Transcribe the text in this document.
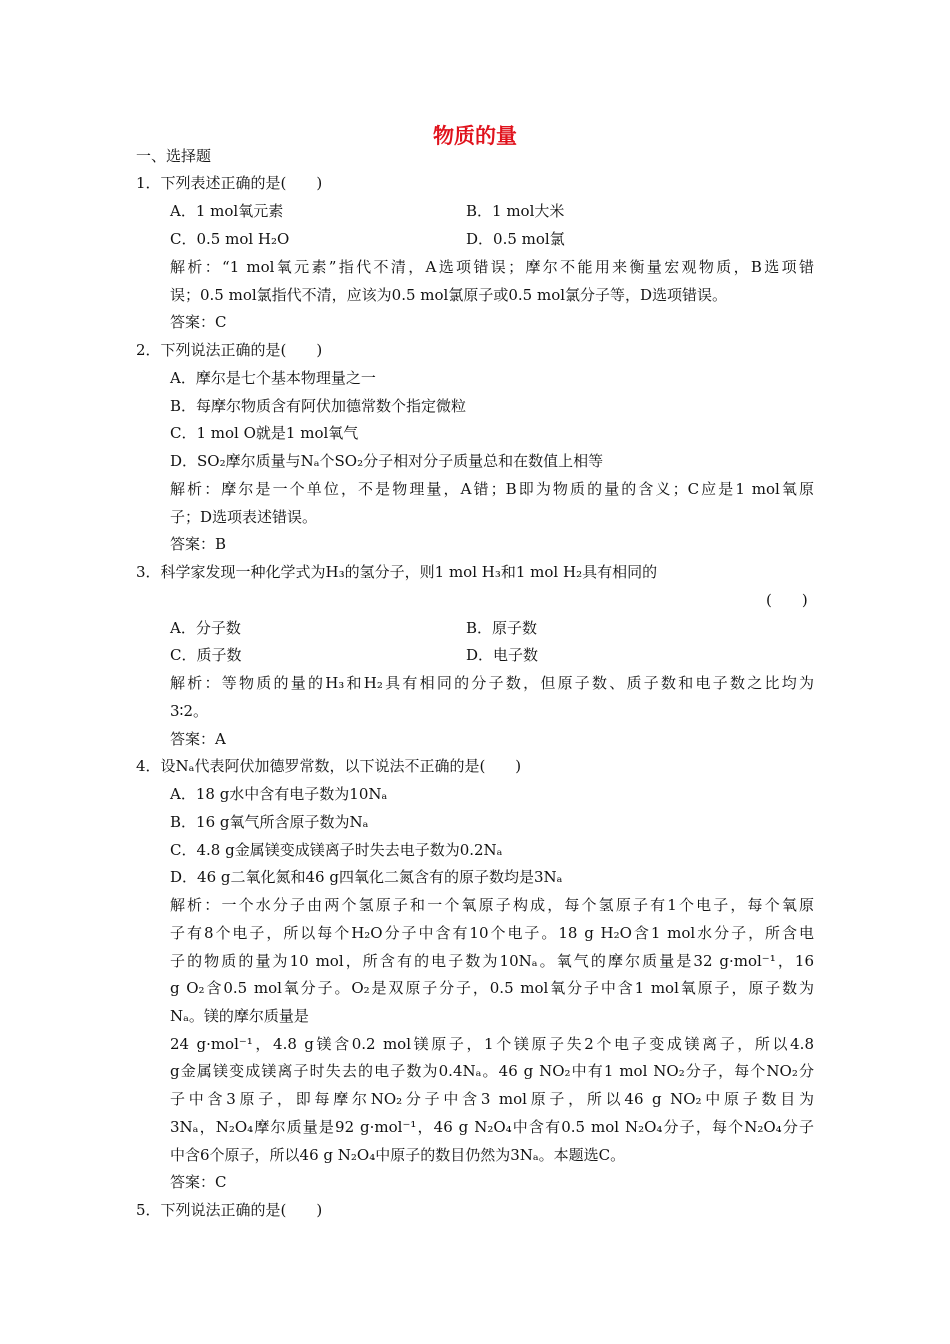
物质的量
一、选择题
1．下列表述正确的是(　　)
A．1 mol氧元素	B．1 mol大米
C．0.5 mol H₂O	D．0.5 mol氯
解析：“1 mol氧元素”指代不清，A选项错误；摩尔不能用来衡量宏观物质，B选项错
误；0.5 mol氯指代不清，应该为0.5 mol氯原子或0.5 mol氯分子等，D选项错误。
答案：C
2．下列说法正确的是(　　)
A．摩尔是七个基本物理量之一
B．每摩尔物质含有阿伏加德常数个指定微粒
C．1 mol O就是1 mol氧气
D．SO₂摩尔质量与Nₐ个SO₂分子相对分子质量总和在数值上相等
解析：摩尔是一个单位，不是物理量，A错；B即为物质的量的含义；C应是1 mol氧原
子；D选项表述错误。
答案：B
3．科学家发现一种化学式为H₃的氢分子，则1 mol H₃和1 mol H₂具有相同的
(　　)
A．分子数	B．原子数
C．质子数	D．电子数
解析：等物质的量的H₃和H₂具有相同的分子数，但原子数、质子数和电子数之比均为
3∶2。
答案：A
4．设Nₐ代表阿伏加德罗常数，以下说法不正确的是(　　)
A．18 g水中含有电子数为10Nₐ
B．16 g氧气所含原子数为Nₐ
C．4.8 g金属镁变成镁离子时失去电子数为0.2Nₐ
D．46 g二氧化氮和46 g四氧化二氮含有的原子数均是3Nₐ
解析：一个水分子由两个氢原子和一个氧原子构成，每个氢原子有1个电子，每个氧原
子有8个电子，所以每个H₂O分子中含有10个电子。18 g H₂O含1 mol水分子，所含电
子的物质的量为10 mol，所含有的电子数为10Nₐ。氧气的摩尔质量是32 g·mol⁻¹，16
g O₂含0.5 mol氧分子。O₂是双原子分子，0.5 mol氧分子中含1 mol氧原子，原子数为
Nₐ。镁的摩尔质量是
24 g·mol⁻¹，4.8 g镁含0.2 mol镁原子，1个镁原子失2个电子变成镁离子，所以4.8
g金属镁变成镁离子时失去的电子数为0.4Nₐ。46 g NO₂中有1 mol NO₂分子，每个NO₂分
子中含3原子，即每摩尔NO₂分子中含3 mol原子，所以46 g NO₂中原子数目为
3Nₐ，N₂O₄摩尔质量是92 g·mol⁻¹，46 g N₂O₄中含有0.5 mol N₂O₄分子，每个N₂O₄分子
中含6个原子，所以46 g N₂O₄中原子的数目仍然为3Nₐ。本题选C。
答案：C
5．下列说法正确的是(　　)
